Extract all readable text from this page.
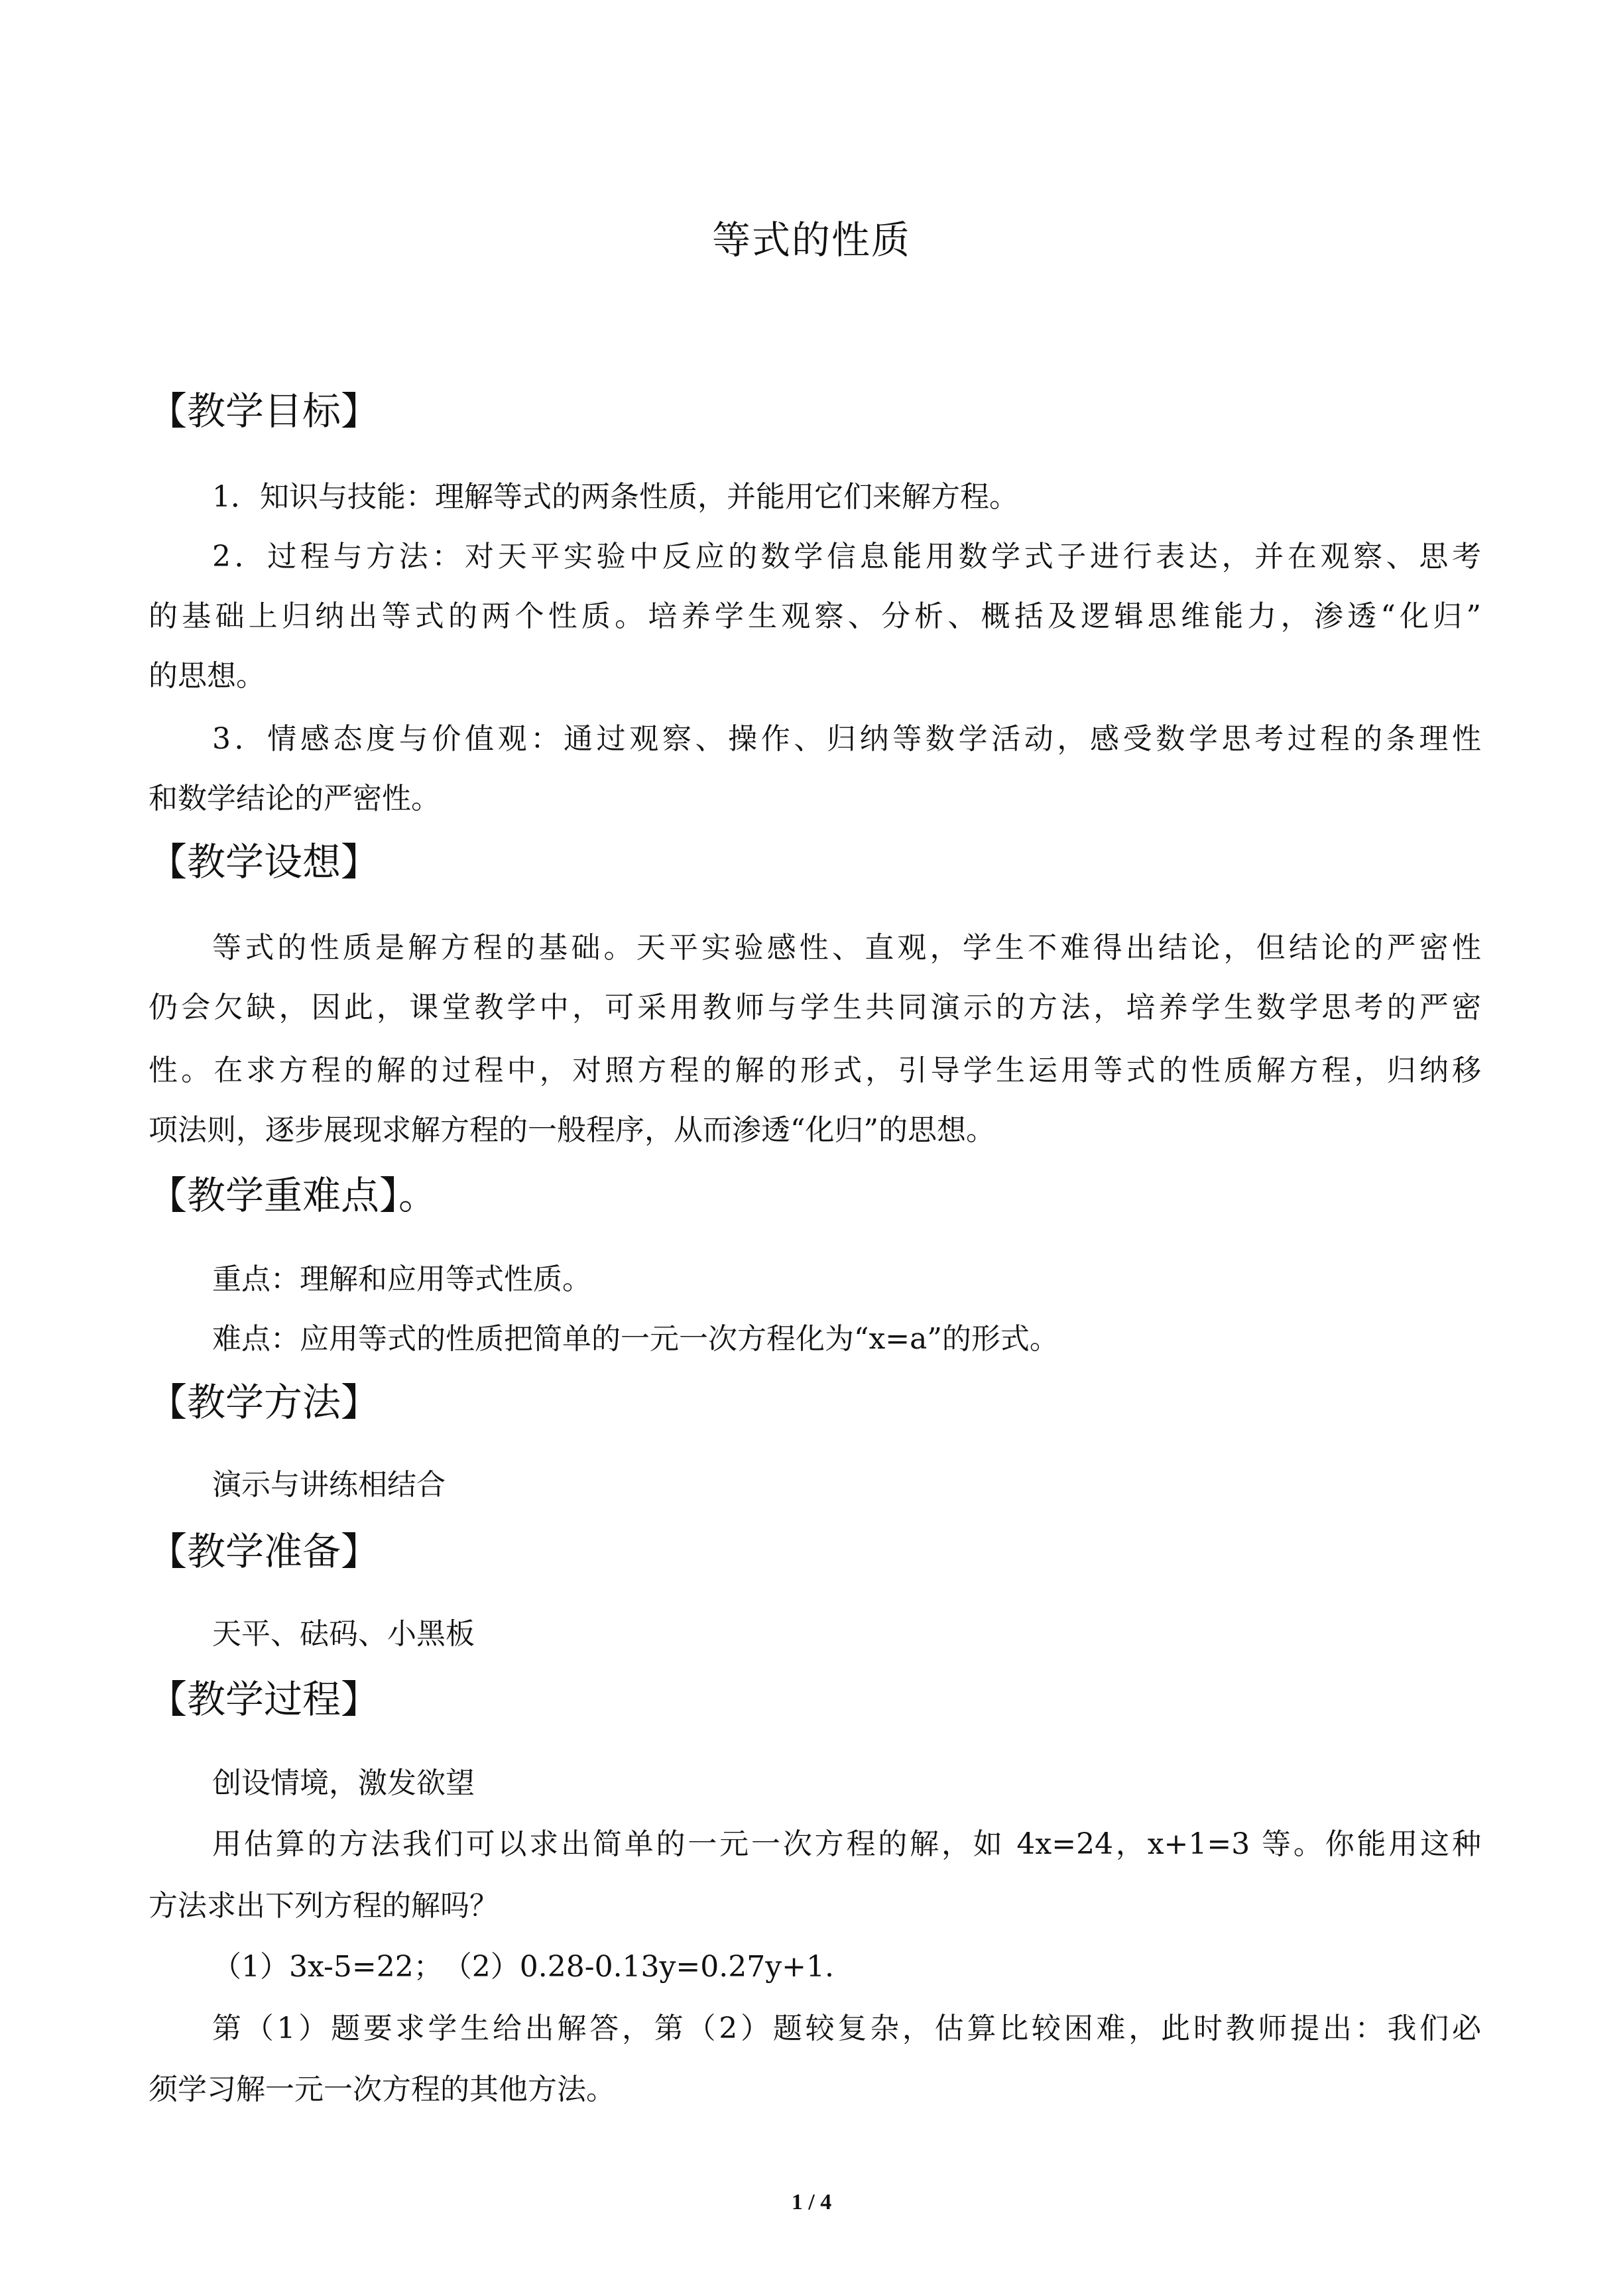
等式的性质
【教学目标】
1．知识与技能：理解等式的两条性质，并能用它们来解方程。
2．过程与方法：对天平实验中反应的数学信息能用数学式子进行表达，并在观察、思考
的基础上归纳出等式的两个性质。培养学生观察、分析、概括及逻辑思维能力，渗透“化归”
的思想。
3．情感态度与价值观：通过观察、操作、归纳等数学活动，感受数学思考过程的条理性
和数学结论的严密性。
【教学设想】
等式的性质是解方程的基础。天平实验感性、直观，学生不难得出结论，但结论的严密性
仍会欠缺，因此，课堂教学中，可采用教师与学生共同演示的方法，培养学生数学思考的严密
性。在求方程的解的过程中，对照方程的解的形式，引导学生运用等式的性质解方程，归纳移
项法则，逐步展现求解方程的一般程序，从而渗透“化归”的思想。
【教学重难点】。
重点：理解和应用等式性质。
难点：应用等式的性质把简单的一元一次方程化为“x=a”的形式。
【教学方法】
演示与讲练相结合
【教学准备】
天平、砝码、小黑板
【教学过程】
创设情境，激发欲望
用估算的方法我们可以求出简单的一元一次方程的解，如 4x=24，x+1=3 等。你能用这种
方法求出下列方程的解吗？
（1）3x-5=22；　（2）0.28-0.13y=0.27y+1.
第（1）题要求学生给出解答，第（2）题较复杂，估算比较困难，此时教师提出：我们必
须学习解一元一次方程的其他方法。
1 / 4
